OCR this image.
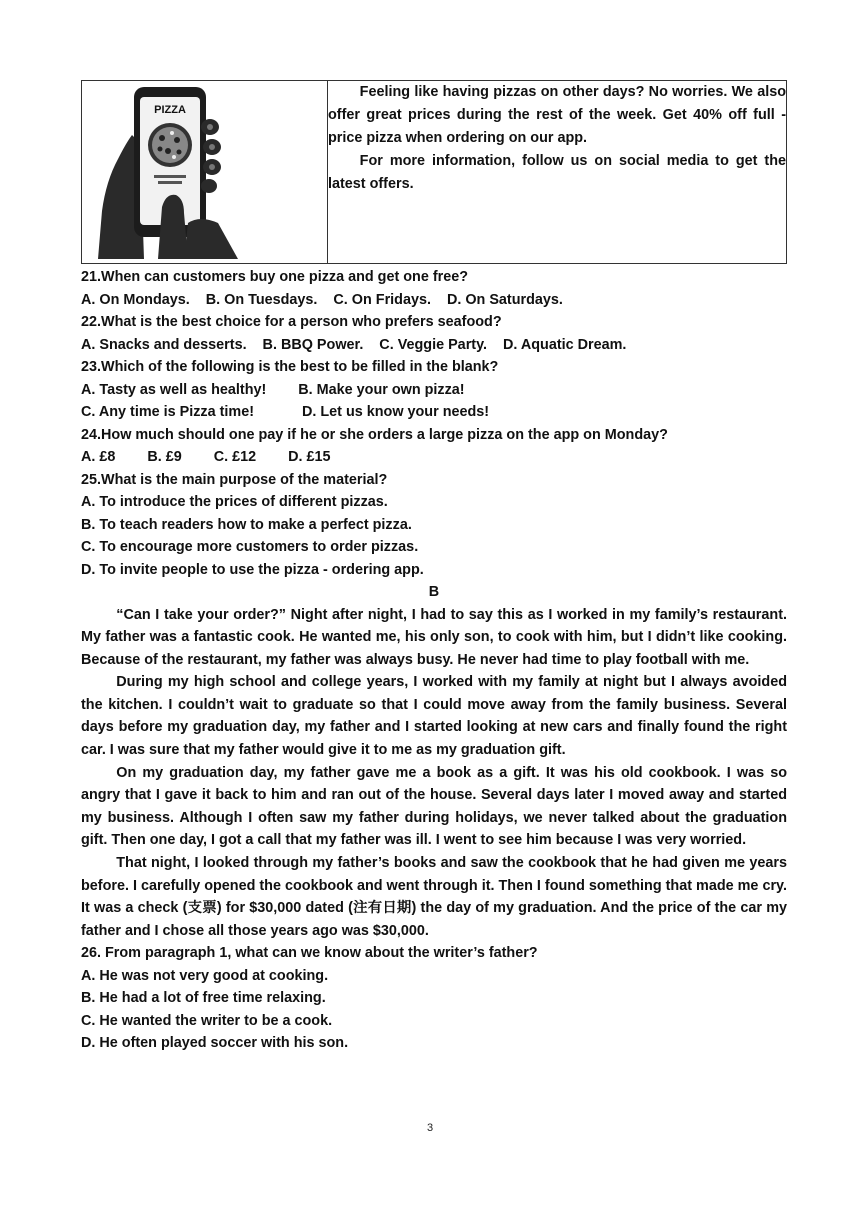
PIZZA

Feeling like having pizzas on other days? No worries. We also offer great prices during the rest of the week. Get 40% off full - price pizza when ordering on our app.

For more information, follow us on social media to get the latest offers.

21.When can customers buy one pizza and get one free?

A. On Mondays.    B. On Tuesdays.    C. On Fridays.    D. On Saturdays.

22.What is the best choice for a person who prefers seafood?

A. Snacks and desserts.    B. BBQ Power.    C. Veggie Party.    D. Aquatic Dream.

23.Which of the following is the best to be filled in the blank?

A. Tasty as well as healthy!        B. Make your own pizza!

C. Any time is Pizza time!            D. Let us know your needs!

24.How much should one pay if he or she orders a large pizza on the app on Monday?

A. £8        B. £9        C. £12        D. £15

25.What is the main purpose of the material?

A. To introduce the prices of different pizzas.

B. To teach readers how to make a perfect pizza.

C. To encourage more customers to order pizzas.

D. To invite people to use the pizza - ordering app.

B

“Can I take your order?” Night after night, I had to say this as I worked in my family’s restaurant. My father was a fantastic cook. He wanted me, his only son, to cook with him, but I didn’t like cooking. Because of the restaurant, my father was always busy. He never had time to play football with me.

During my high school and college years, I worked with my family at night but I always avoided the kitchen. I couldn’t wait to graduate so that I could move away from the family business. Several days before my graduation day, my father and I started looking at new cars and finally found the right car. I was sure that my father would give it to me as my graduation gift.

On my graduation day, my father gave me a book as a gift. It was his old cookbook. I was so angry that I gave it back to him and ran out of the house. Several days later I moved away and started my business. Although I often saw my father during holidays, we never talked about the graduation gift. Then one day, I got a call that my father was ill. I went to see him because I was very worried.

That night, I looked through my father’s books and saw the cookbook that he had given me years before. I carefully opened the cookbook and went through it. Then I found something that made me cry. It was a check (支票) for $30,000 dated (注有日期) the day of my graduation. And the price of the car my father and I chose all those years ago was $30,000.

26. From paragraph 1, what can we know about the writer’s father?

A. He was not very good at cooking.

B. He had a lot of free time relaxing.

C. He wanted the writer to be a cook.

D. He often played soccer with his son.

3
